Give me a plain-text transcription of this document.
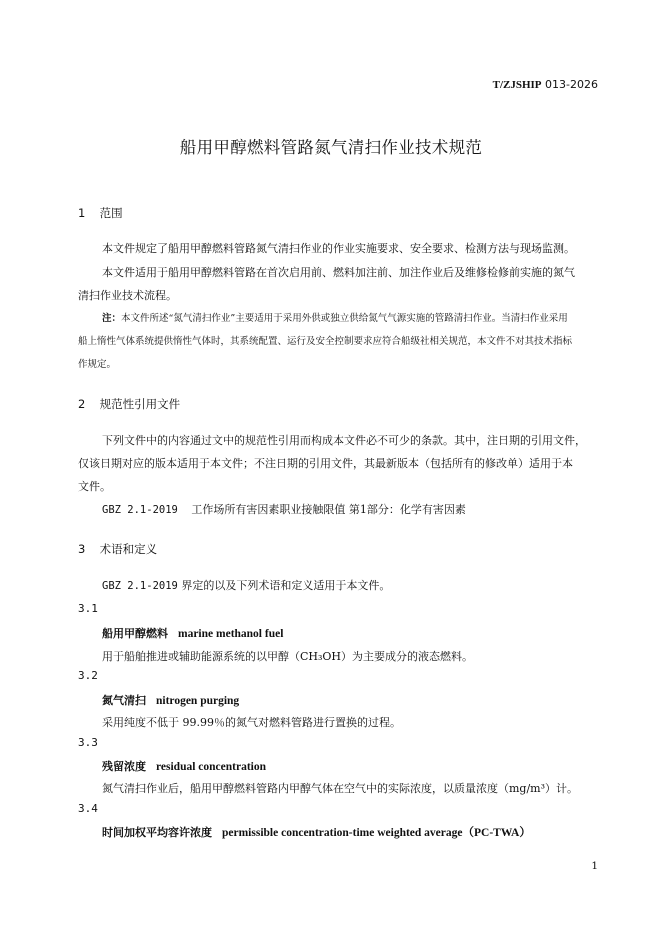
T/ZJSHIP 013-2026
船用甲醇燃料管路氮气清扫作业技术规范
1 范围
本文件规定了船用甲醇燃料管路氮气清扫作业的作业实施要求、安全要求、检测方法与现场监测。
本文件适用于船用甲醇燃料管路在首次启用前、燃料加注前、加注作业后及维修检修前实施的氮气
清扫作业技术流程。
注：本文件所述“氮气清扫作业”主要适用于采用外供或独立供给氮气气源实施的管路清扫作业。当清扫作业采用
船上惰性气体系统提供惰性气体时，其系统配置、运行及安全控制要求应符合船级社相关规范，本文件不对其技术指标
作规定。
2 规范性引用文件
下列文件中的内容通过文中的规范性引用而构成本文件必不可少的条款。其中，注日期的引用文件，
仅该日期对应的版本适用于本文件；不注日期的引用文件，其最新版本（包括所有的修改单）适用于本
文件。
GBZ 2.1-2019 工作场所有害因素职业接触限值 第1部分：化学有害因素
3 术语和定义
GBZ 2.1-2019 界定的以及下列术语和定义适用于本文件。
3.1
船用甲醇燃料 marine methanol fuel
用于船舶推进或辅助能源系统的以甲醇（CH₃OH）为主要成分的液态燃料。
3.2
氮气清扫 nitrogen purging
采用纯度不低于 99.99％的氮气对燃料管路进行置换的过程。
3.3
残留浓度 residual concentration
氮气清扫作业后，船用甲醇燃料管路内甲醇气体在空气中的实际浓度，以质量浓度（mg/m³）计。
3.4
时间加权平均容许浓度 permissible concentration-time weighted average（PC-TWA）
1
